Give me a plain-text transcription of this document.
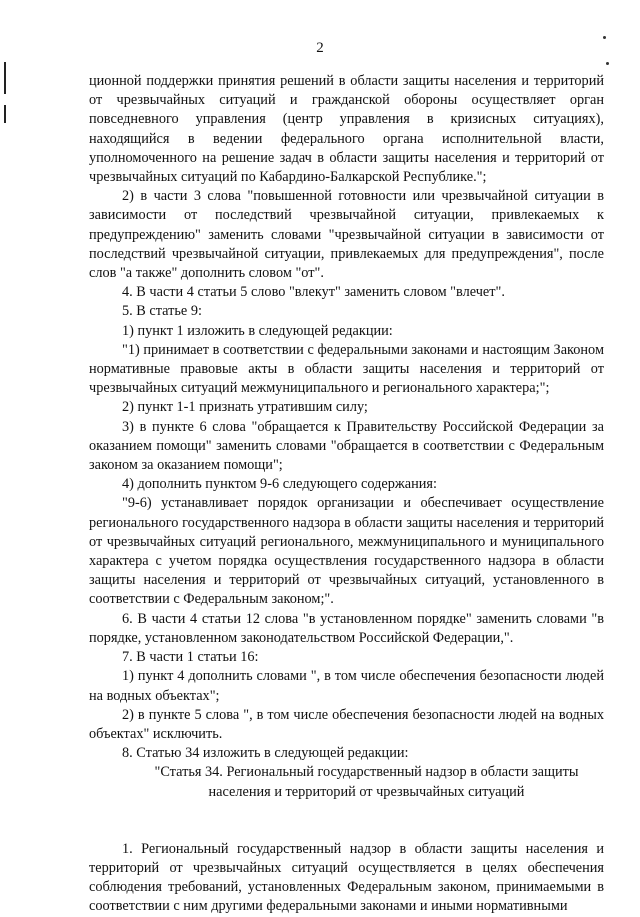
2

ционной поддержки принятия решений в области защиты населения и территорий от чрезвычайных ситуаций и гражданской обороны осуществляет орган повседневного управления (центр управления в кризисных ситуациях), находящийся в ведении федерального органа исполнительной власти, уполномоченного на решение задач в области защиты населения и территорий от чрезвычайных ситуаций по Кабардино-Балкарской Республике.";

2) в части 3 слова "повышенной готовности или чрезвычайной ситуации в зависимости от последствий чрезвычайной ситуации, привлекаемых к предупреждению" заменить словами "чрезвычайной ситуации в зависимости от последствий чрезвычайной ситуации, привлекаемых для предупреждения", после слов "а также" дополнить словом "от".

4. В части 4 статьи 5 слово "влекут" заменить словом "влечет".

5. В статье 9:

1) пункт 1 изложить в следующей редакции:

"1) принимает в соответствии с федеральными законами и настоящим Законом нормативные правовые акты в области защиты населения и территорий от чрезвычайных ситуаций межмуниципального и регионального характера;";

2) пункт 1-1 признать утратившим силу;

3) в пункте 6 слова "обращается к Правительству Российской Федерации за оказанием помощи" заменить словами "обращается в соответствии с Федеральным законом за оказанием помощи";

4) дополнить пунктом 9-6 следующего содержания:

"9-6) устанавливает порядок организации и обеспечивает осуществление регионального государственного надзора в области защиты населения и территорий от чрезвычайных ситуаций регионального, межмуниципального и муниципального характера с учетом порядка осуществления государственного надзора в области защиты населения и территорий от чрезвычайных ситуаций, установленного в соответствии с Федеральным законом;".

6. В части 4 статьи 12 слова "в установленном порядке" заменить словами "в порядке, установленном законодательством Российской Федерации,".

7. В части 1 статьи 16:

1) пункт 4 дополнить словами ", в том числе обеспечения безопасности людей на водных объектах";

2) в пункте 5 слова ", в том числе обеспечения безопасности людей на водных объектах" исключить.

8. Статью 34 изложить в следующей редакции:

"Статья 34. Региональный государственный надзор в области защиты
населения и территорий от чрезвычайных ситуаций

1. Региональный государственный надзор в области защиты населения и территорий от чрезвычайных ситуаций осуществляется в целях обеспечения соблюдения требований, установленных Федеральным законом, принимаемыми в соответствии с ним другими федеральными законами и иными нормативными
